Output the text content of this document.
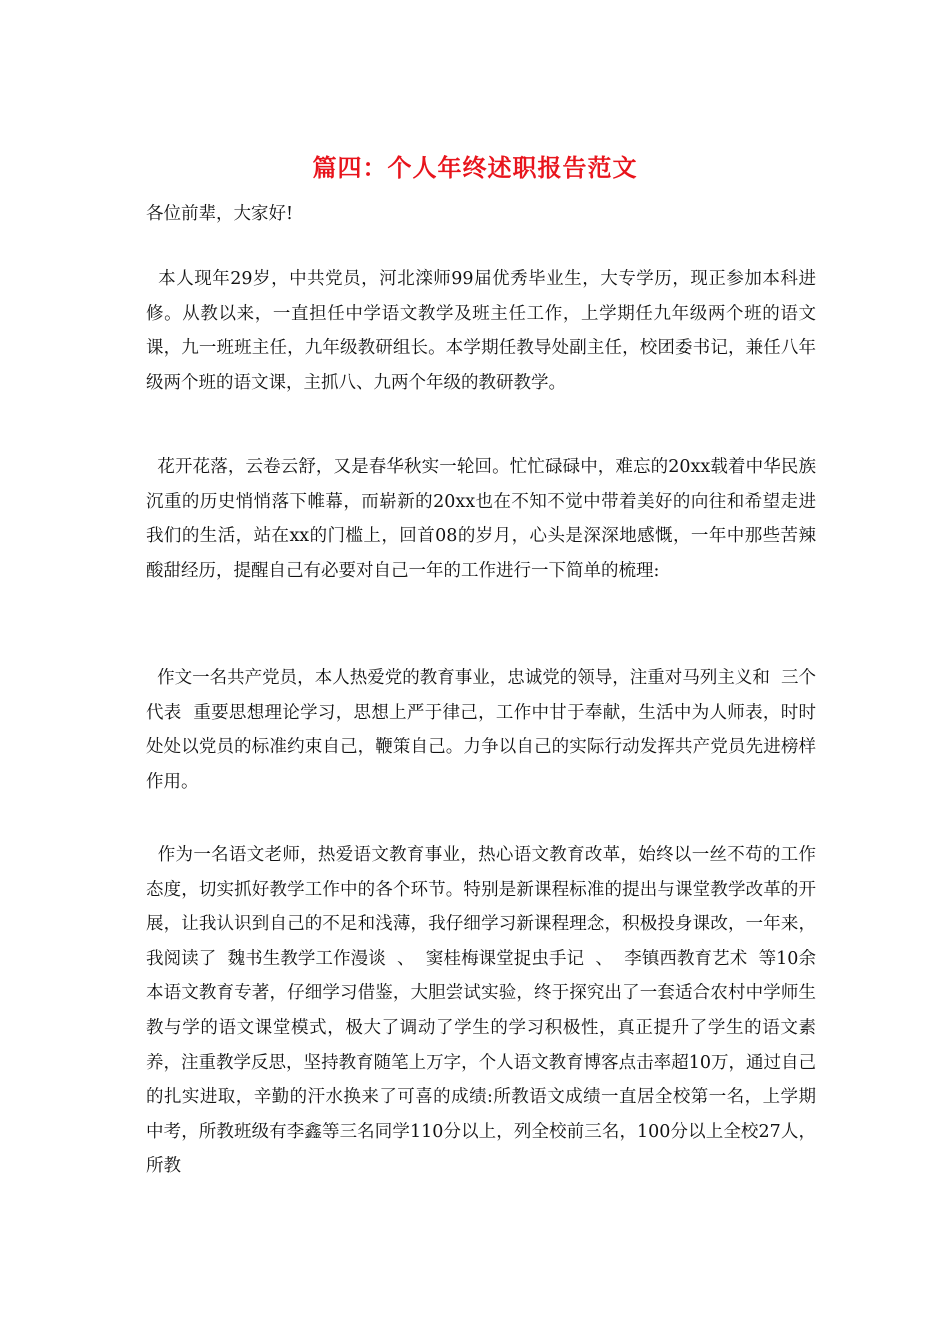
篇四：个人年终述职报告范文
各位前辈，大家好!
本人现年29岁，中共党员，河北滦师99届优秀毕业生，大专学历，现正参加本科进修。从教以来，一直担任中学语文教学及班主任工作，上学期任九年级两个班的语文课，九一班班主任，九年级教研组长。本学期任教导处副主任，校团委书记，兼任八年级两个班的语文课，主抓八、九两个年级的教研教学。
花开花落，云卷云舒，又是春华秋实一轮回。忙忙碌碌中，难忘的20xx载着中华民族沉重的历史悄悄落下帷幕，而崭新的20xx也在不知不觉中带着美好的向往和希望走进我们的生活，站在xx的门槛上，回首08的岁月，心头是深深地感慨，一年中那些苦辣酸甜经历，提醒自己有必要对自己一年的工作进行一下简单的梳理:
作文一名共产党员，本人热爱党的教育事业，忠诚党的领导，注重对马列主义和  三个代表  重要思想理论学习，思想上严于律己，工作中甘于奉献，生活中为人师表，时时处处以党员的标准约束自己，鞭策自己。力争以自己的实际行动发挥共产党员先进榜样作用。
作为一名语文老师，热爱语文教育事业，热心语文教育改革，始终以一丝不苟的工作态度，切实抓好教学工作中的各个环节。特别是新课程标准的提出与课堂教学改革的开展，让我认识到自己的不足和浅薄，我仔细学习新课程理念，积极投身课改，一年来，我阅读了  魏书生教学工作漫谈  、  窦桂梅课堂捉虫手记  、  李镇西教育艺术  等10余本语文教育专著，仔细学习借鉴，大胆尝试实验，终于探究出了一套适合农村中学师生教与学的语文课堂模式，极大了调动了学生的学习积极性，真正提升了学生的语文素养，注重教学反思，坚持教育随笔上万字，个人语文教育博客点击率超10万，通过自己的扎实进取，辛勤的汗水换来了可喜的成绩:所教语文成绩一直居全校第一名，上学期中考，所教班级有李鑫等三名同学110分以上，列全校前三名，100分以上全校27人，所教
